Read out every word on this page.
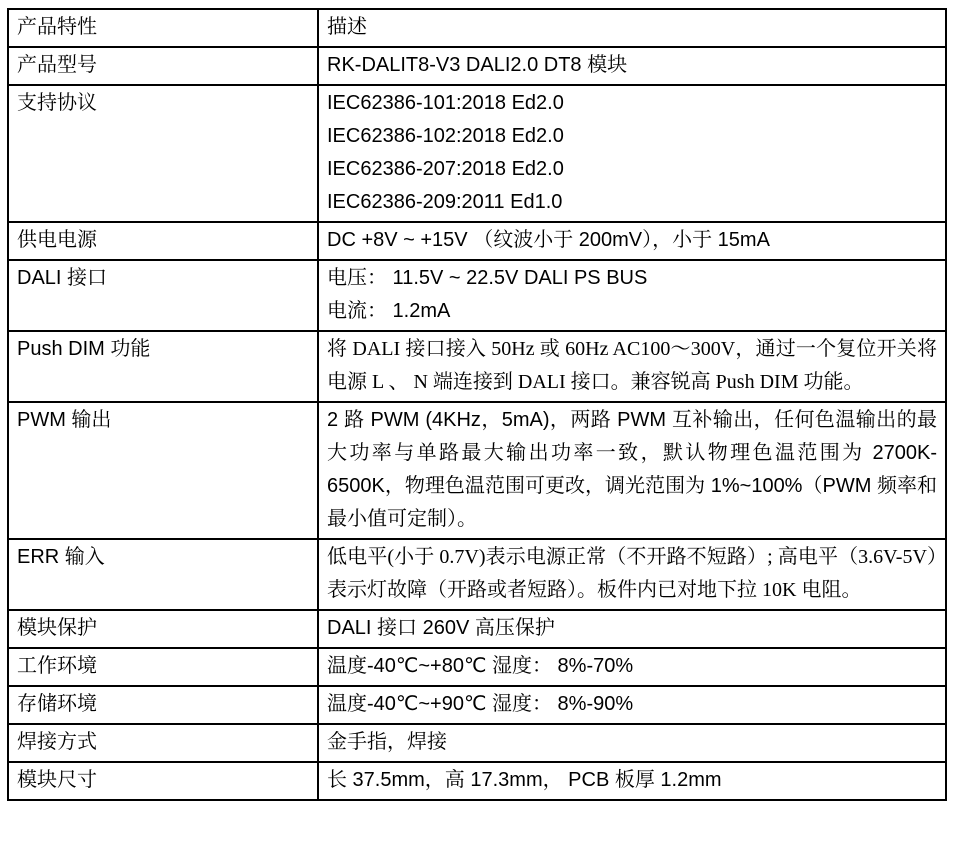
产品特性	描述
产品型号	RK-DALIT8-V3 DALI2.0 DT8 模块

支持协议	IEC62386-101:2018 Ed2.0
IEC62386-102:2018 Ed2.0
IEC62386-207:2018 Ed2.0
IEC62386-209:2011 Ed1.0

供电电源	DC +8V ~ +15V （纹波小于 200mV），小于 15mA

DALI 接口	电压： 11.5V ~ 22.5V DALI PS BUS
电流： 1.2mA

Push DIM 功能	将 DALI 接口接入 50Hz 或 60Hz AC100～300V，通过一个复位开关将电源 L 、 N 端连接到 DALI 接口。兼容锐高 Push DIM 功能。

PWM 输出	2 路 PWM (4KHz，5mA)，两路 PWM 互补输出，任何色温输出的最大功率与单路最大输出功率一致，默认物理色温范围为 2700K-6500K，物理色温范围可更改，调光范围为 1%~100%（PWM 频率和最小值可定制）。

ERR 输入	低电平(小于 0.7V)表示电源正常（不开路不短路）; 高电平（3.6V-5V）表示灯故障（开路或者短路）。板件内已对地下拉 10K 电阻。

模块保护	DALI 接口 260V 高压保护

工作环境	温度-40℃~+80℃ 湿度： 8%-70%

存储环境	温度-40℃~+90℃ 湿度： 8%-90%

焊接方式	金手指，焊接

模块尺寸	长 37.5mm，高 17.3mm， PCB 板厚 1.2mm
